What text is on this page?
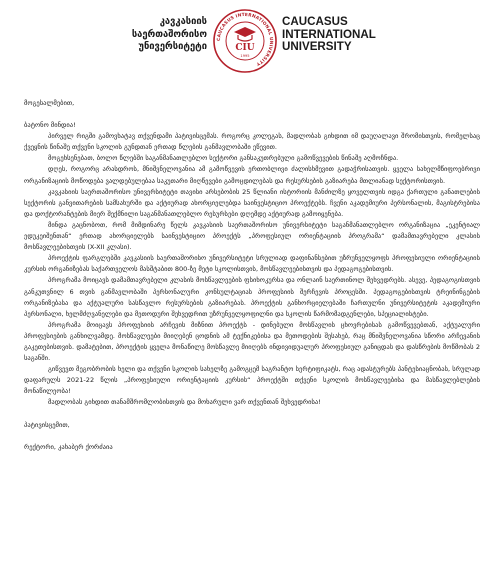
კავკასიის
საერთაშორისო
უნივერსიტეტი
CAUCASUS INTERNATIONAL UNIVERSITY
CIU
1995
CAUCASUS
INTERNATIONAL
UNIVERSITY

მოგესალმებით,

ბატონო მინდია!

პირველ რიგში გამოვხატავ თქვენდამი პატივისცემას. როგორც კოლეგას, მადლობას გიხდით იმ დაუღალავი შრომისთვის, რომელსაც ქვეყნის წინაშე თქვენი სკოლის გუნდთან ერთად წლების განმავლობაში ეწევით.

მოგეხსენებათ, ბოლო წლებში საგანმანათლებლო სექტორი განსაკუთრებული გამოწვევების წინაშე აღმოჩნდა.

დღეს, როგორც არასდროს, მნიშვნელოვანია ამ გამოწვევის ერთობლივი ძალისხმევით გადაჭრისათვის. ყველა სახელმწიფოებრივი ორგანიზაციის მოწოდება ვალდებულებაა საკუთარი მიღწევები გამოცდილებას და რესურსების გაზიარება მთლიანად სექტორისთვის.

კავკასიის საერთაშორისო უნივერსიტეტი თავისი არსებობის 25 წლიანი ისტორიის მანძილზე ყოველთვის იდგა ქართული განათლების სექტორის განვითარების სამსახურში და აქტიურად ახორციელებდა საინვესტიციო პროექტებს. ჩვენი აკადემიური პერსონალის, მაგისტრებისა და დოქტორანტების მიერ შექმნილი საგანმანათლებლო რესურსები დღემდე აქტიურად გამოიყენება.

მინდა გაცნობოთ, რომ მიმდინარე წელს კავკასიის საერთაშორისო უნივერსიტეტი საგანმანათლებლო ორგანიზაცია „ეკენტიალ ედუკეიშენთან“ ერთად ახორციელებს საინვესტიციო პროექტს „პროფესიულ ორიენტაციის პროგრამა“ დამამთავრებელი კლასის მოსწავლეებისთვის (X-XII კლასი).

პროექტის ფარგლებში კავკასიის საერთაშორისო უნივერსიტეტი სრულიად დაფინანსებით უზრუნველყოფს პროფესიული ორიენტაციის კურსის ორგანიზებას საქართველოს მასშტაბით 800-ზე მეტი სკოლისთვის, მოსწავლეებისთვის და პედაგოგებისთვის.

პროგრამა მოიცავს დამამთავრებელი კლასის მოსწავლეების ფსიხოკურსა და ონლაინ საერთინოლ შეხვედრებს. ასევე, პედაგოგისთვის განკუთვნილ 6 თვის განმავლობაში პერსონალური კონსულტაციას პროფესიის შერჩევის პროცესში. პედაგოგებისთვის ტრეინინგების ორგანიზებასა და აქტუალური სასწავლო რესურსების გაზიარებას. პროექტის განხორციელებაში ჩართულნი უნივერსიტეტის აკადემიური პერსონალი, ხელმძღვანელები და მეთოდური შეხვედრით უზრუნველყოფილნი და სკოლის წარმომადგენლები, სპეციალისტები.

პროგრამა მოიცავს პროფესიის არჩევის მიზნით პროექტს - დინებული მოსწავლის ცხოვრებისას გამოწვევებთან, აქტუალური პროფესიების განხილვამდე. მოსწავლეები მიიღებენ ცოდნის ამ ტექნიკებისა და მეთოდების შესახებ, რაც მნიშვნელოვანია სწორი არჩევანის გაკეთებისთვის. დამატებით, პროექტის ყველა მონაწილე მოსწავლე მიიღებს ინდივიდუალურ პროფესიულ განიცდას და დასწრების მოწმობას 2 საგანში.

გიწვევთ მეგობრობის ხელი და თქვენი სკოლის სახელზე გამოგცემ საგრანტო სერტიფიკატს, რაც ადასტურებს პანტესიაცნობას, სრულად დაფარულს 2021-22 წლის „პროფესიული ორიენტაციის კურსის“ პროექტში თქვენი სკოლის მოსწავლეებისა და მასწავლებლების მონაწილეობა!

მადლობას გიხდით თანამშრომლობისთვის და მოხარული ვარ თქვენთან შეხვედრისა!

პატივისცემით,

რექტორი, კახაბერ ქორძაია
